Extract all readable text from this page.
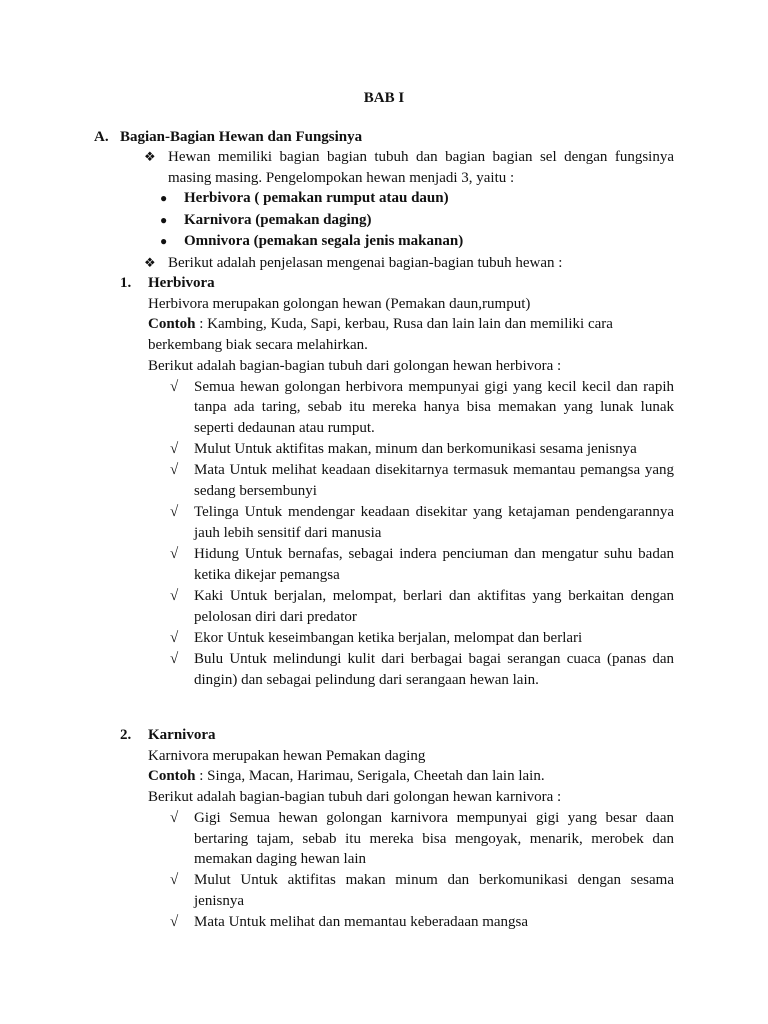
BAB I
A. Bagian-Bagian Hewan dan Fungsinya
❖ Hewan memiliki bagian bagian tubuh dan bagian bagian sel dengan fungsinya masing masing. Pengelompokan hewan menjadi 3, yaitu :
● Herbivora ( pemakan rumput atau daun)
● Karnivora (pemakan daging)
● Omnivora (pemakan segala jenis makanan)
❖ Berikut adalah penjelasan mengenai bagian-bagian tubuh hewan :
1. Herbivora
Herbivora merupakan golongan hewan (Pemakan daun,rumput)
Contoh : Kambing, Kuda, Sapi, kerbau, Rusa dan lain lain dan memiliki cara berkembang biak secara melahirkan.
Berikut adalah bagian-bagian tubuh dari golongan hewan herbivora :
√ Semua hewan golongan herbivora mempunyai gigi yang kecil kecil dan rapih tanpa ada taring, sebab itu mereka hanya bisa memakan yang lunak lunak seperti dedaunan atau rumput.
√ Mulut Untuk aktifitas makan, minum dan berkomunikasi sesama jenisnya
√ Mata Untuk melihat keadaan disekitarnya termasuk memantau pemangsa yang sedang bersembunyi
√ Telinga Untuk mendengar keadaan disekitar yang ketajaman pendengarannya jauh lebih sensitif dari manusia
√ Hidung Untuk bernafas, sebagai indera penciuman dan mengatur suhu badan ketika dikejar pemangsa
√ Kaki Untuk berjalan, melompat, berlari dan aktifitas yang berkaitan dengan pelolosan diri dari predator
√ Ekor Untuk keseimbangan ketika berjalan, melompat dan berlari
√ Bulu Untuk melindungi kulit dari berbagai bagai serangan cuaca (panas dan dingin) dan sebagai pelindung dari serangaan hewan lain.
2. Karnivora
Karnivora merupakan hewan Pemakan daging
Contoh : Singa, Macan, Harimau, Serigala, Cheetah dan lain lain.
Berikut adalah bagian-bagian tubuh dari golongan hewan karnivora :
√ Gigi Semua hewan golongan karnivora mempunyai gigi yang besar daan bertaring tajam, sebab itu mereka bisa mengoyak, menarik, merobek dan memakan daging hewan lain
√ Mulut Untuk aktifitas makan minum dan berkomunikasi dengan sesama jenisnya
√ Mata Untuk melihat dan memantau keberadaan mangsa
